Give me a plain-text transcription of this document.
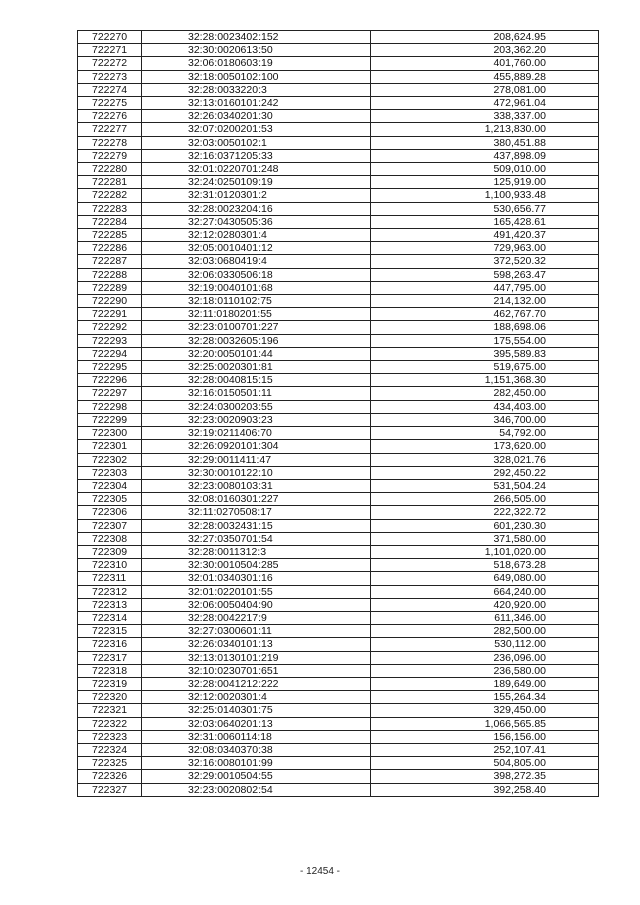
722270	32:28:0023402:152	208,624.95
722271	32:30:0020613:50	203,362.20
722272	32:06:0180603:19	401,760.00
722273	32:18:0050102:100	455,889.28
722274	32:28:0033220:3	278,081.00
722275	32:13:0160101:242	472,961.04
722276	32:26:0340201:30	338,337.00
722277	32:07:0200201:53	1,213,830.00
722278	32:03:0050102:1	380,451.88
722279	32:16:0371205:33	437,898.09
722280	32:01:0220701:248	509,010.00
722281	32:24:0250109:19	125,919.00
722282	32:31:0120301:2	1,100,933.48
722283	32:28:0023204:16	530,656.77
722284	32:27:0430505:36	165,428.61
722285	32:12:0280301:4	491,420.37
722286	32:05:0010401:12	729,963.00
722287	32:03:0680419:4	372,520.32
722288	32:06:0330506:18	598,263.47
722289	32:19:0040101:68	447,795.00
722290	32:18:0110102:75	214,132.00
722291	32:11:0180201:55	462,767.70
722292	32:23:0100701:227	188,698.06
722293	32:28:0032605:196	175,554.00
722294	32:20:0050101:44	395,589.83
722295	32:25:0020301:81	519,675.00
722296	32:28:0040815:15	1,151,368.30
722297	32:16:0150501:11	282,450.00
722298	32:24:0300203:55	434,403.00
722299	32:23:0020903:23	346,700.00
722300	32:19:0211406:70	54,792.00
722301	32:26:0920101:304	173,620.00
722302	32:29:0011411:47	328,021.76
722303	32:30:0010122:10	292,450.22
722304	32:23:0080103:31	531,504.24
722305	32:08:0160301:227	266,505.00
722306	32:11:0270508:17	222,322.72
722307	32:28:0032431:15	601,230.30
722308	32:27:0350701:54	371,580.00
722309	32:28:0011312:3	1,101,020.00
722310	32:30:0010504:285	518,673.28
722311	32:01:0340301:16	649,080.00
722312	32:01:0220101:55	664,240.00
722313	32:06:0050404:90	420,920.00
722314	32:28:0042217:9	611,346.00
722315	32:27:0300601:11	282,500.00
722316	32:26:0340101:13	530,112.00
722317	32:13:0130101:219	236,096.00
722318	32:10:0230701:651	236,580.00
722319	32:28:0041212:222	189,649.00
722320	32:12:0020301:4	155,264.34
722321	32:25:0140301:75	329,450.00
722322	32:03:0640201:13	1,066,565.85
722323	32:31:0060114:18	156,156.00
722324	32:08:0340370:38	252,107.41
722325	32:16:0080101:99	504,805.00
722326	32:29:0010504:55	398,272.35
722327	32:23:0020802:54	392,258.40
- 12454 -
